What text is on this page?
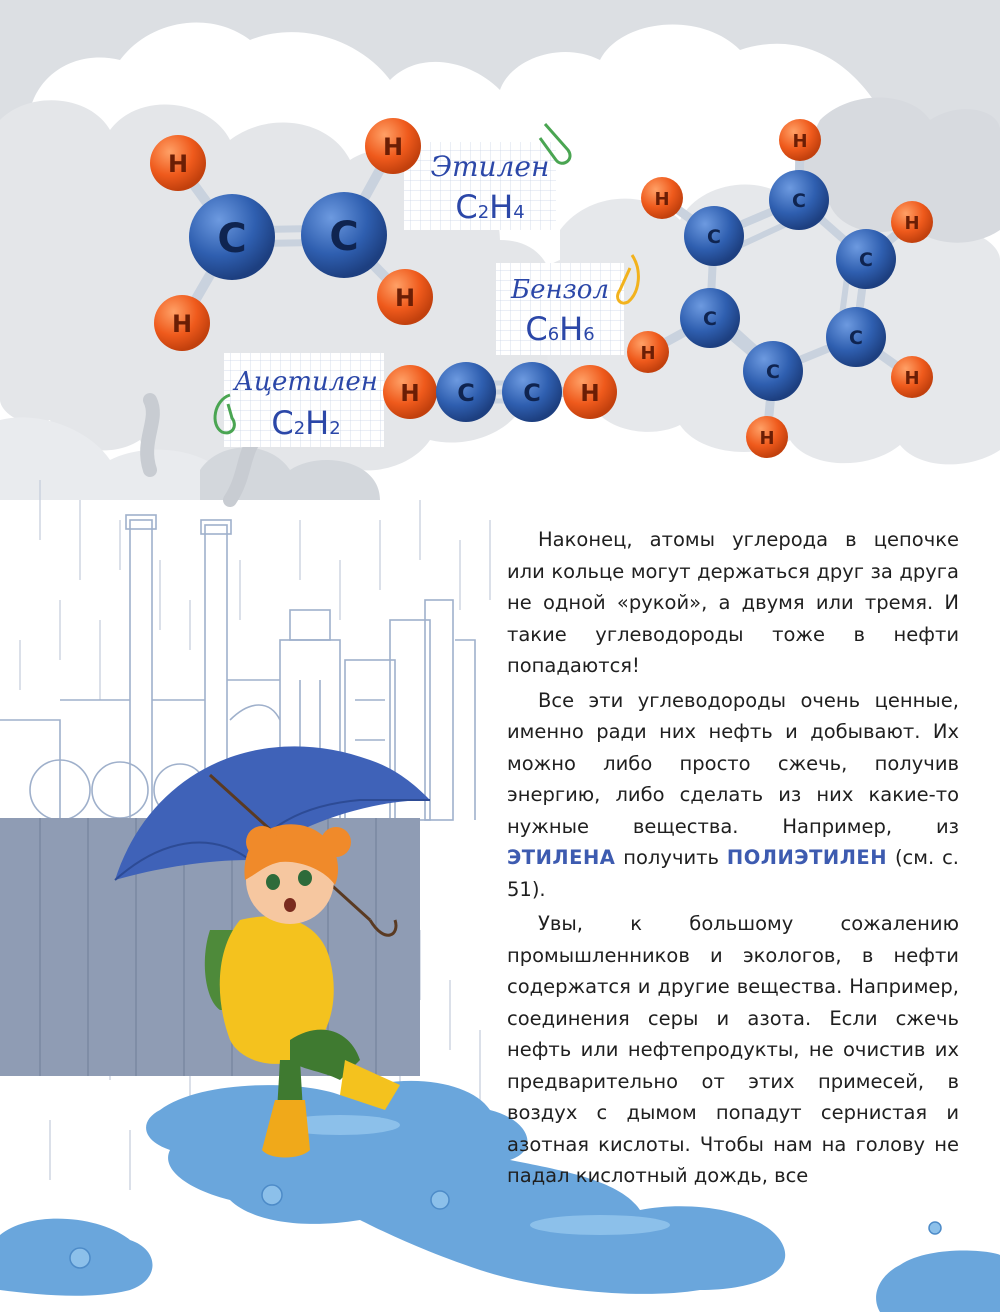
H
H
H
H
C C
H C C H
H
H
H
H
H
H
C
C
C
C
C
C
Этилен
C2H4
Бензол
C6H6
Ацетилен
C2H2

Наконец, атомы углерода в цепочке или кольце могут держаться друг за друга не одной «рукой», а двумя или тремя. И такие углеводороды тоже в нефти попадаются!

Все эти углеводороды очень ценные, именно ради них нефть и добывают. Их можно либо просто сжечь, получив энергию, либо сделать из них какие-то нужные вещества. Например, из ЭТИЛЕНА получить ПОЛИЭТИЛЕН (см. с. 51).

Увы, к большому сожалению промышленников и экологов, в нефти содержатся и другие вещества. Например, соединения серы и азота. Если сжечь нефть или нефтепродукты, не очистив их предварительно от этих примесей, в воздух с дымом попадут сернистая и азотная кислоты. Чтобы нам на голову не падал кислотный дождь, все
